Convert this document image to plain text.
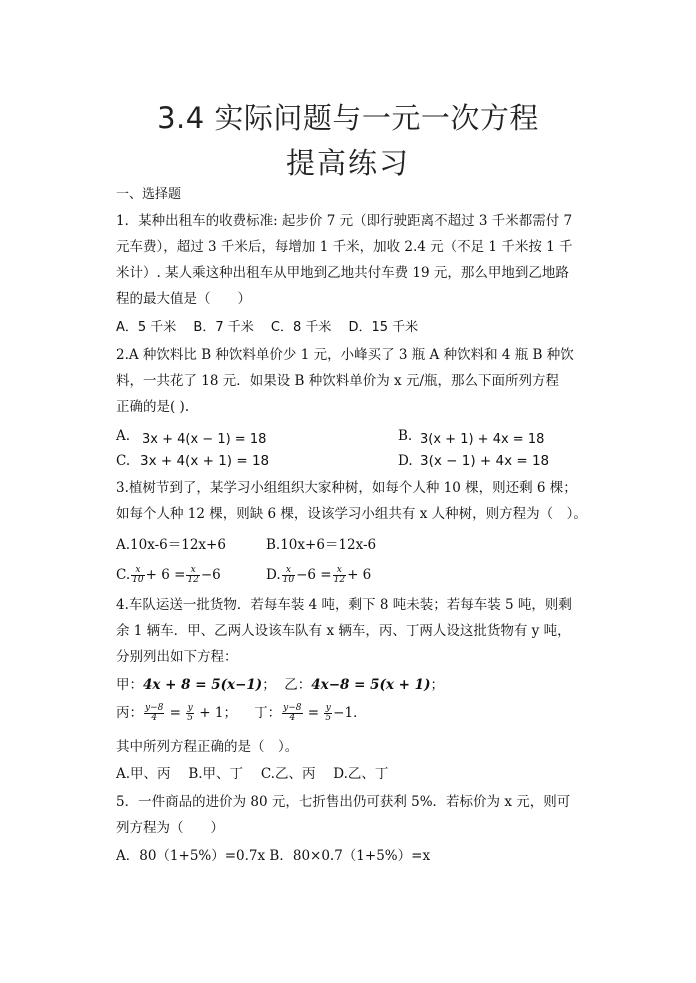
3.4 实际问题与一元一次方程
提高练习
一、选择题
1．某种出租车的收费标准: 起步价 7 元（即行驶距离不超过 3 千米都需付 7
元车费），超过 3 千米后，每增加 1 千米，加收 2.4 元（不足 1 千米按 1 千
米计）. 某人乘这种出租车从甲地到乙地共付车费 19 元，那么甲地到乙地路
程的最大值是（　　）
A．5 千米　 B．7 千米　 C．8 千米　 D．15 千米
2.A 种饮料比 B 种饮料单价少 1 元，小峰买了 3 瓶 A 种饮料和 4 瓶 B 种饮
料，一共花了 18 元．如果设 B 种饮料单价为 x 元/瓶，那么下面所列方程
正确的是( ).
A. 3x + 4(x − 1) = 18	B. 3(x + 1) + 4x = 18
C. 3x + 4(x + 1) = 18	D. 3(x − 1) + 4x = 18
3.植树节到了，某学习小组组织大家种树，如每个人种 10 棵，则还剩 6 棵；
如每个人种 12 棵，则缺 6 棵，设该学习小组共有 x 人种树，则方程为（　）。
A.10x-6＝12x+6	B.10x+6＝12x-6
C. $\frac{x}{10} + 6 = \frac{x}{12} -6$	D. $\frac{x}{10} -6 = \frac{x}{12} + 6$
4.车队运送一批货物．若每车装 4 吨，剩下 8 吨未装；若每车装 5 吨，则剩
余 1 辆车．甲、乙两人设该车队有 x 辆车，丙、丁两人设这批货物有 y 吨，
分别列出如下方程：
甲：4x + 8 = 5(x−1)；  乙：4x−8 = 5(x + 1)；
丙： $\frac{y-8}{4} = \frac{y}{5} + 1$；    丁： $\frac{y-8}{4} = \frac{y}{5} -1$．
其中所列方程正确的是（　）。
A.甲、丙　 B.甲、丁　 C.乙、丙　 D.乙、丁
5．一件商品的进价为 80 元，七折售出仍可获利 5%．若标价为 x 元，则可
列方程为（　　）
A．80（1+5%）=0.7x B．80×0.7（1+5%）=x
